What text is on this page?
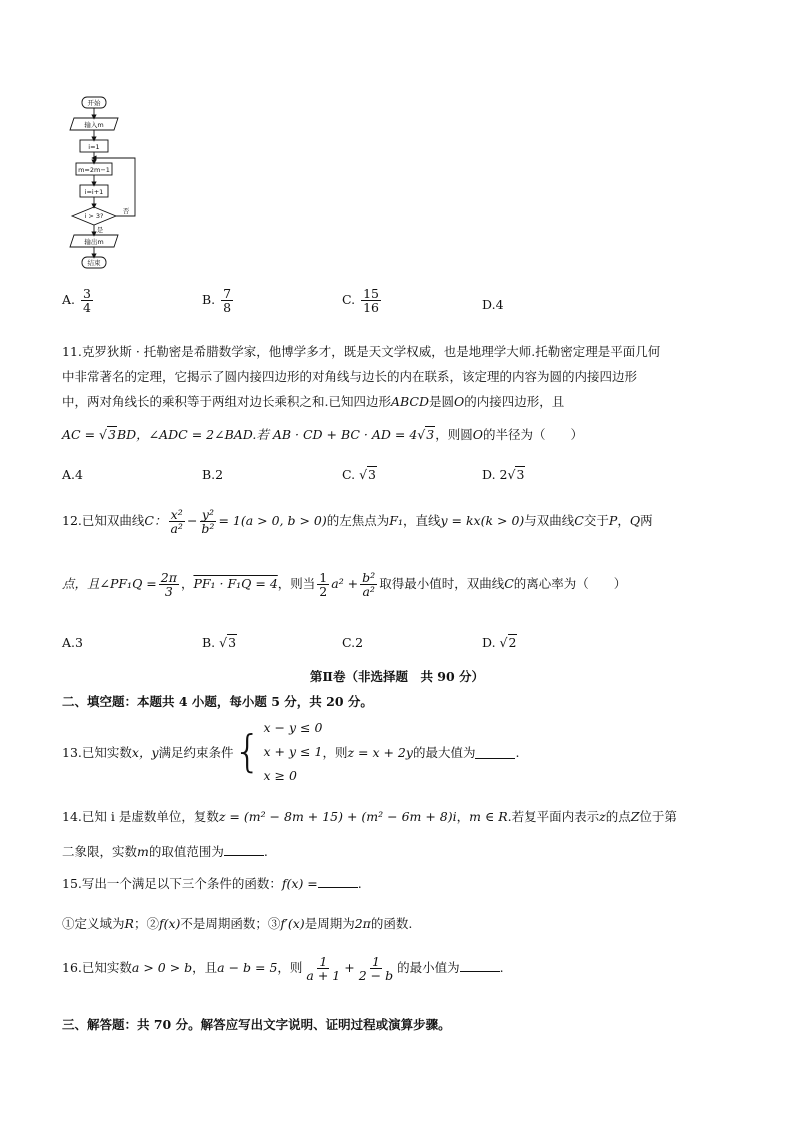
开始
输入m
i=1
m=2m−1
i=i+1
i > 3?
否
是
输出m
结束
A. $\frac{3}{4}$	B. $\frac{7}{8}$	C. $\frac{15}{16}$	D.4
11.克罗狄斯 · 托勒密是希腊数学家，他博学多才，既是天文学权威，也是地理学大师.托勒密定理是平面几何
中非常著名的定理，它揭示了圆内接四边形的对角线与边长的内在联系，该定理的内容为圆的内接四边形
中，两对角线长的乘积等于两组对边长乘积之和.已知四边形ABCD是圆O的内接四边形，且
AC = √3BD，∠ADC = 2∠BAD.若 AB · CD + BC · AD = 4√3，则圆O的半径为（　　）
A.4	B.2	C. √3	D. 2√3
12.已知双曲线C： $\frac{\text{x²}}{\text{a²}} - \frac{\text{y²}}{\text{b²}} = 1(a > 0$, b > 0)的左焦点为F₁，直线y = kx(k > 0)与双曲线C交于P，Q两
点，且∠PF₁Q = $\frac{2\pi}{3}$ ，PF₁ · F₁Q = 4，则当 $\frac{1}{2} a^2 + \frac{\text{b²}}{\text{a²}}$ 取得最小值时，双曲线C的离心率为（　　）
A.3	B. √3	C.2	D. √2
第Ⅱ卷（非选择题　共 90 分）
二、填空题：本题共 4 小题，每小题 5 分，共 20 分。
13.已知实数 x，y 满足约束条件 { x − y ≤ 0
x + y ≤ 1
x ≥ 0
，则 z = x + 2y 的最大值为	.
14.已知 i 是虚数单位，复数z = (m² − 8m + 15) + (m² − 6m + 8)i，m ∈ R.若复平面内表示z的点Z位于第
二象限，实数m的取值范围为	.
15.写出一个满足以下三个条件的函数：f(x) =	.
①定义域为R；②f(x)不是周期函数；③f′(x)是周期为2π的函数.
16.已知实数a > 0 > b，且a − b = 5，则 $\frac{1}{a + 1} + \frac{1}{2 - b}$ 的最小值为	.
三、解答题：共 70 分。解答应写出文字说明、证明过程或演算步骤。
